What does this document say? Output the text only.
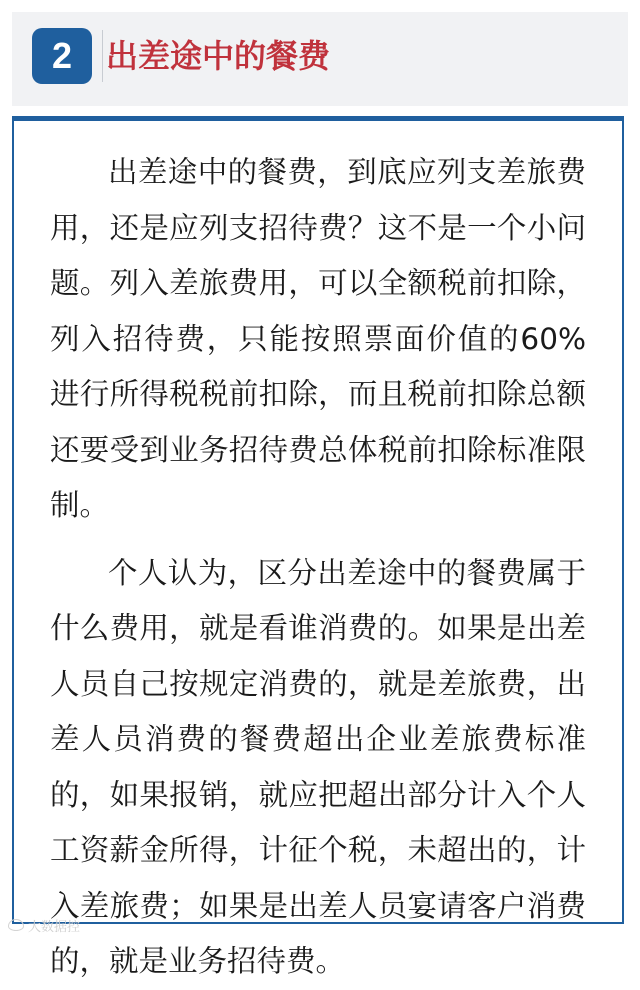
2	出差途中的餐费

出差途中的餐费，到底应列支差旅费用，还是应列支招待费？这不是一个小问题。列入差旅费用，可以全额税前扣除，列入招待费，只能按照票面价值的60%进行所得税税前扣除，而且税前扣除总额还要受到业务招待费总体税前扣除标准限制。

个人认为，区分出差途中的餐费属于什么费用，就是看谁消费的。如果是出差人员自己按规定消费的，就是差旅费，出差人员消费的餐费超出企业差旅费标准的，如果报销，就应把超出部分计入个人工资薪金所得，计征个税，未超出的，计入差旅费；如果是出差人员宴请客户消费的，就是业务招待费。

大数据控
